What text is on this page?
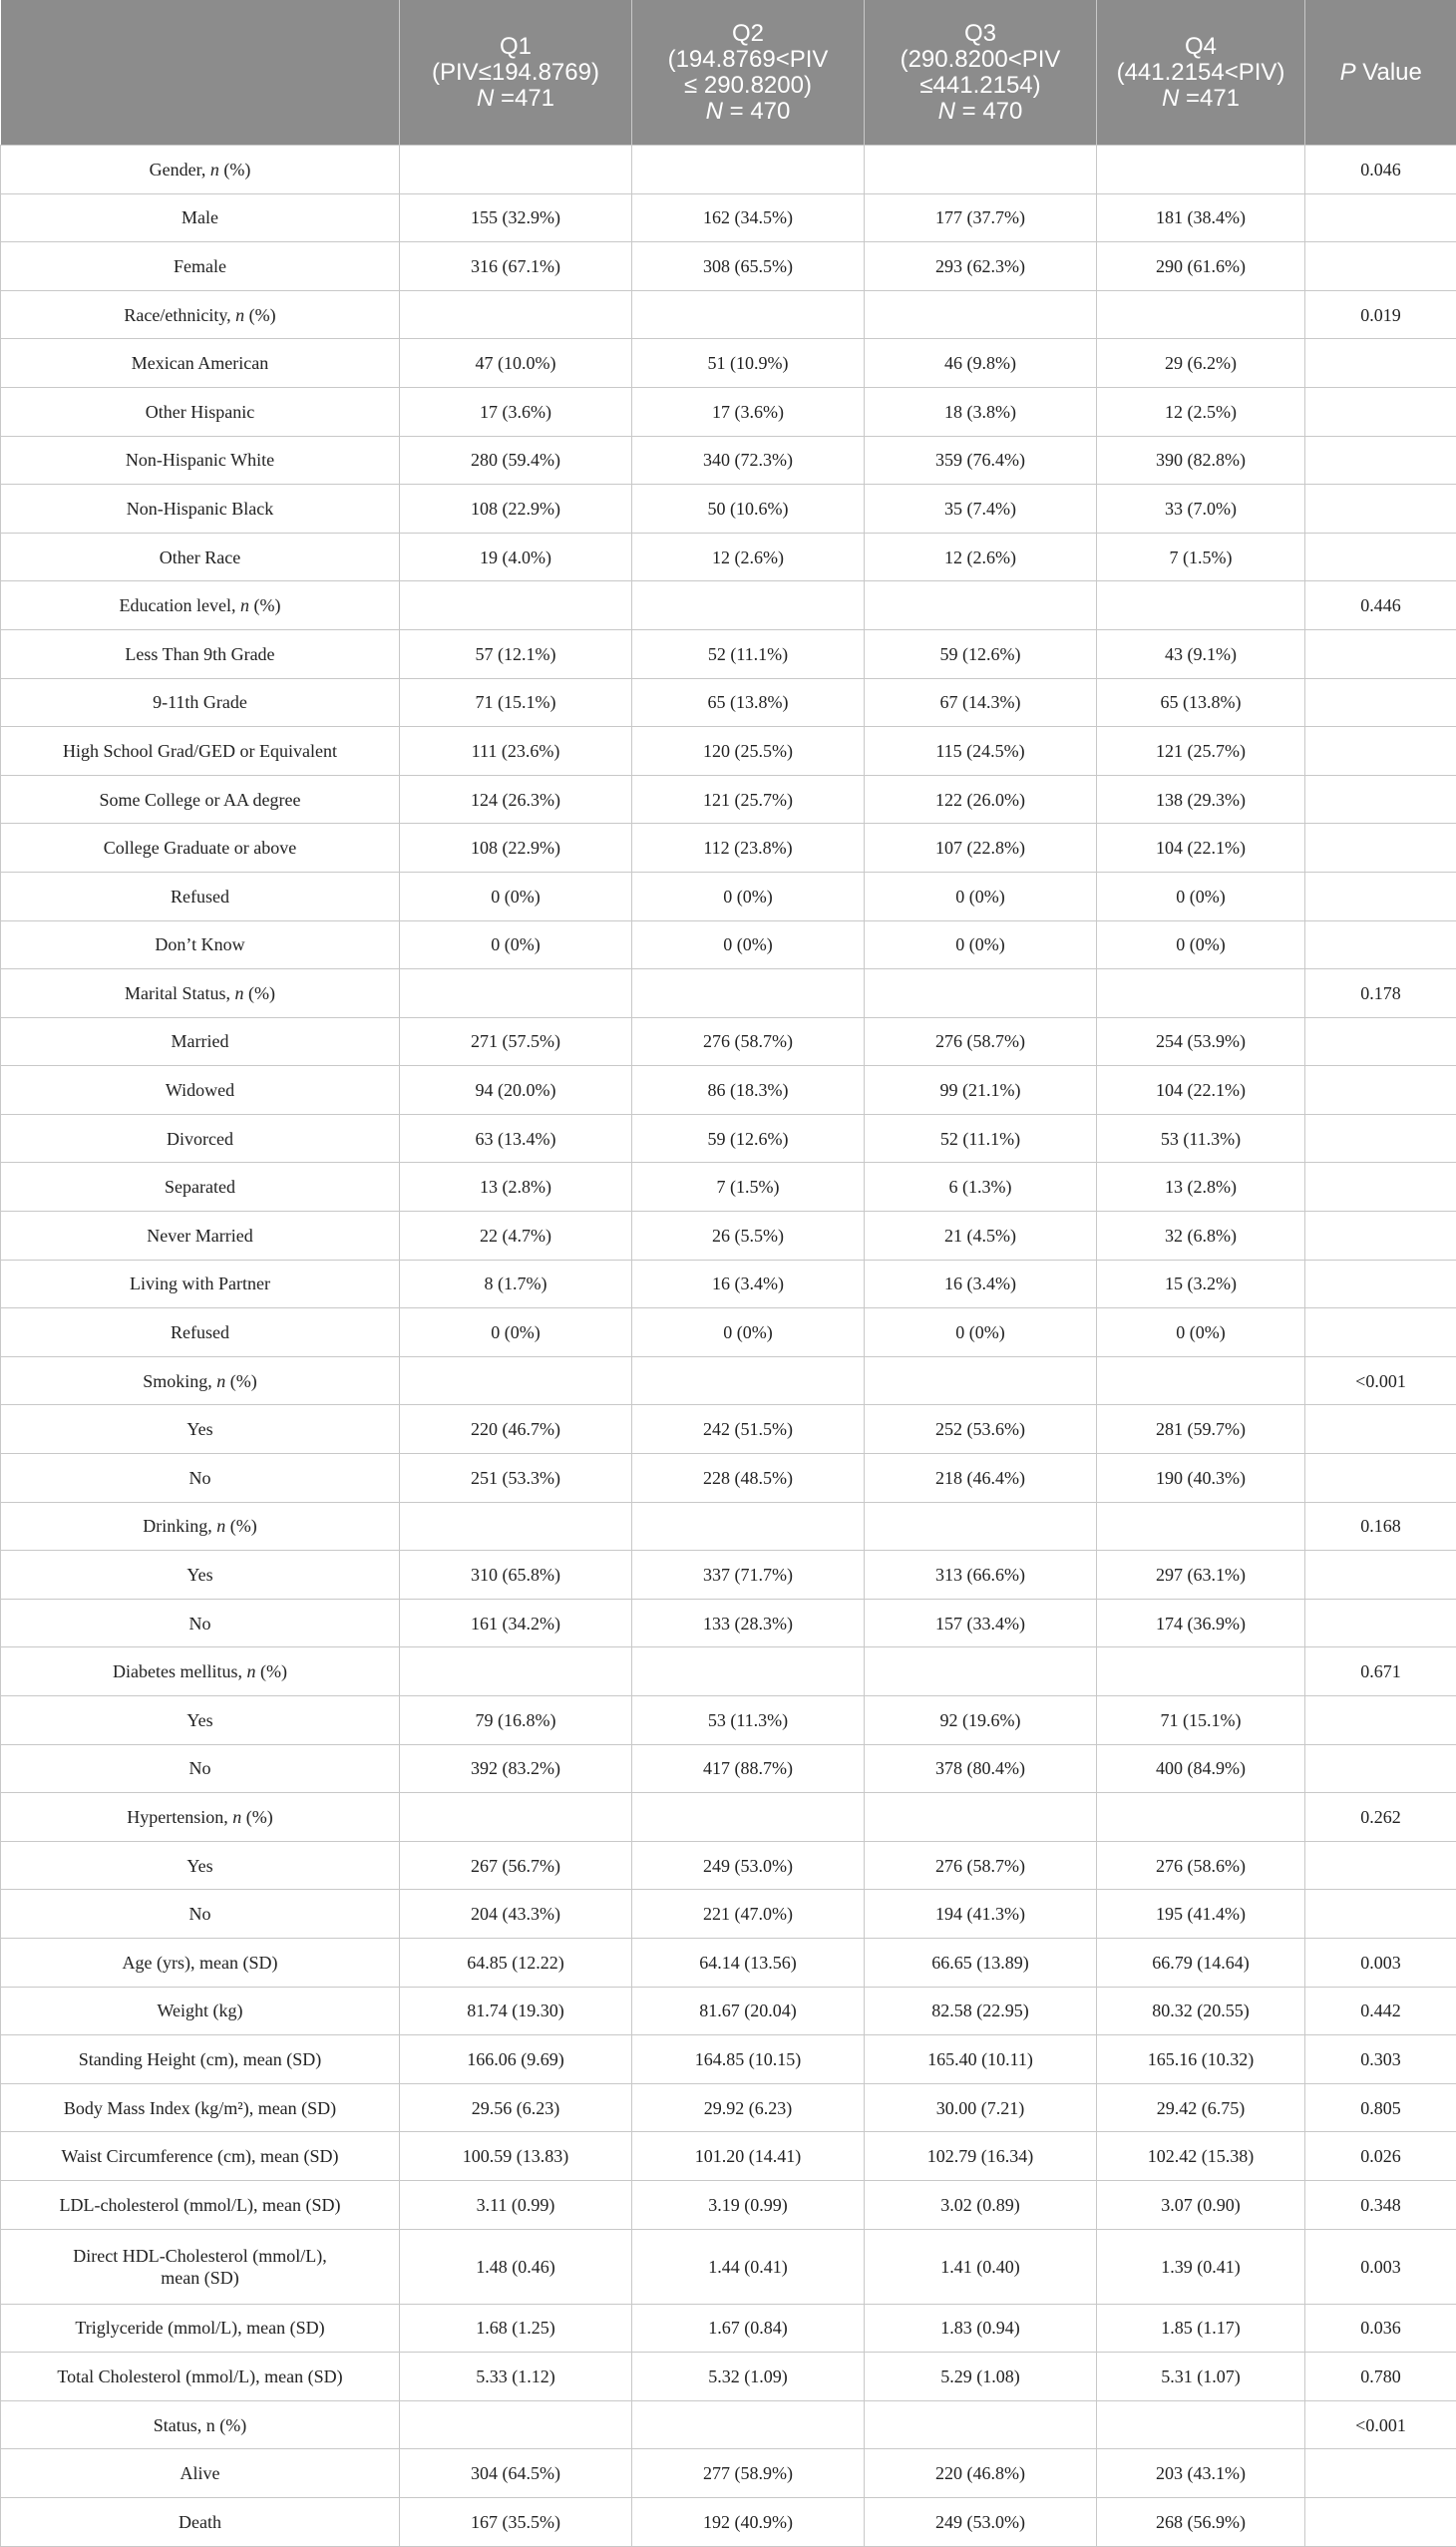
	Q1
(PIV≤194.8769)
N =471	Q2
(194.8769<PIV
≤ 290.8200)
N = 470	Q3
(290.8200<PIV
≤441.2154)
N = 470	Q4
(441.2154<PIV)
N =471	P Value
Gender, n (%)					0.046
Male	155 (32.9%)	162 (34.5%)	177 (37.7%)	181 (38.4%)	
Female	316 (67.1%)	308 (65.5%)	293 (62.3%)	290 (61.6%)	
Race/ethnicity, n (%)					0.019
Mexican American	47 (10.0%)	51 (10.9%)	46 (9.8%)	29 (6.2%)	
Other Hispanic	17 (3.6%)	17 (3.6%)	18 (3.8%)	12 (2.5%)	
Non-Hispanic White	280 (59.4%)	340 (72.3%)	359 (76.4%)	390 (82.8%)	
Non-Hispanic Black	108 (22.9%)	50 (10.6%)	35 (7.4%)	33 (7.0%)	
Other Race	19 (4.0%)	12 (2.6%)	12 (2.6%)	7 (1.5%)	
Education level, n (%)					0.446
Less Than 9th Grade	57 (12.1%)	52 (11.1%)	59 (12.6%)	43 (9.1%)	
9-11th Grade	71 (15.1%)	65 (13.8%)	67 (14.3%)	65 (13.8%)	
High School Grad/GED or Equivalent	111 (23.6%)	120 (25.5%)	115 (24.5%)	121 (25.7%)	
Some College or AA degree	124 (26.3%)	121 (25.7%)	122 (26.0%)	138 (29.3%)	
College Graduate or above	108 (22.9%)	112 (23.8%)	107 (22.8%)	104 (22.1%)	
Refused	0 (0%)	0 (0%)	0 (0%)	0 (0%)	
Don’t Know	0 (0%)	0 (0%)	0 (0%)	0 (0%)	
Marital Status, n (%)					0.178
Married	271 (57.5%)	276 (58.7%)	276 (58.7%)	254 (53.9%)	
Widowed	94 (20.0%)	86 (18.3%)	99 (21.1%)	104 (22.1%)	
Divorced	63 (13.4%)	59 (12.6%)	52 (11.1%)	53 (11.3%)	
Separated	13 (2.8%)	7 (1.5%)	6 (1.3%)	13 (2.8%)	
Never Married	22 (4.7%)	26 (5.5%)	21 (4.5%)	32 (6.8%)	
Living with Partner	8 (1.7%)	16 (3.4%)	16 (3.4%)	15 (3.2%)	
Refused	0 (0%)	0 (0%)	0 (0%)	0 (0%)	
Smoking, n (%)					<0.001
Yes	220 (46.7%)	242 (51.5%)	252 (53.6%)	281 (59.7%)	
No	251 (53.3%)	228 (48.5%)	218 (46.4%)	190 (40.3%)	
Drinking, n (%)					0.168
Yes	310 (65.8%)	337 (71.7%)	313 (66.6%)	297 (63.1%)	
No	161 (34.2%)	133 (28.3%)	157 (33.4%)	174 (36.9%)	
Diabetes mellitus, n (%)					0.671
Yes	79 (16.8%)	53 (11.3%)	92 (19.6%)	71 (15.1%)	
No	392 (83.2%)	417 (88.7%)	378 (80.4%)	400 (84.9%)	
Hypertension, n (%)					0.262
Yes	267 (56.7%)	249 (53.0%)	276 (58.7%)	276 (58.6%)	
No	204 (43.3%)	221 (47.0%)	194 (41.3%)	195 (41.4%)	
Age (yrs), mean (SD)	64.85 (12.22)	64.14 (13.56)	66.65 (13.89)	66.79 (14.64)	0.003
Weight (kg)	81.74 (19.30)	81.67 (20.04)	82.58 (22.95)	80.32 (20.55)	0.442
Standing Height (cm), mean (SD)	166.06 (9.69)	164.85 (10.15)	165.40 (10.11)	165.16 (10.32)	0.303
Body Mass Index (kg/m²), mean (SD)	29.56 (6.23)	29.92 (6.23)	30.00 (7.21)	29.42 (6.75)	0.805
Waist Circumference (cm), mean (SD)	100.59 (13.83)	101.20 (14.41)	102.79 (16.34)	102.42 (15.38)	0.026
LDL-cholesterol (mmol/L), mean (SD)	3.11 (0.99)	3.19 (0.99)	3.02 (0.89)	3.07 (0.90)	0.348
Direct HDL-Cholesterol (mmol/L),
mean (SD)	1.48 (0.46)	1.44 (0.41)	1.41 (0.40)	1.39 (0.41)	0.003
Triglyceride (mmol/L), mean (SD)	1.68 (1.25)	1.67 (0.84)	1.83 (0.94)	1.85 (1.17)	0.036
Total Cholesterol (mmol/L), mean (SD)	5.33 (1.12)	5.32 (1.09)	5.29 (1.08)	5.31 (1.07)	0.780
Status, n (%)					<0.001
Alive	304 (64.5%)	277 (58.9%)	220 (46.8%)	203 (43.1%)	
Death	167 (35.5%)	192 (40.9%)	249 (53.0%)	268 (56.9%)	
